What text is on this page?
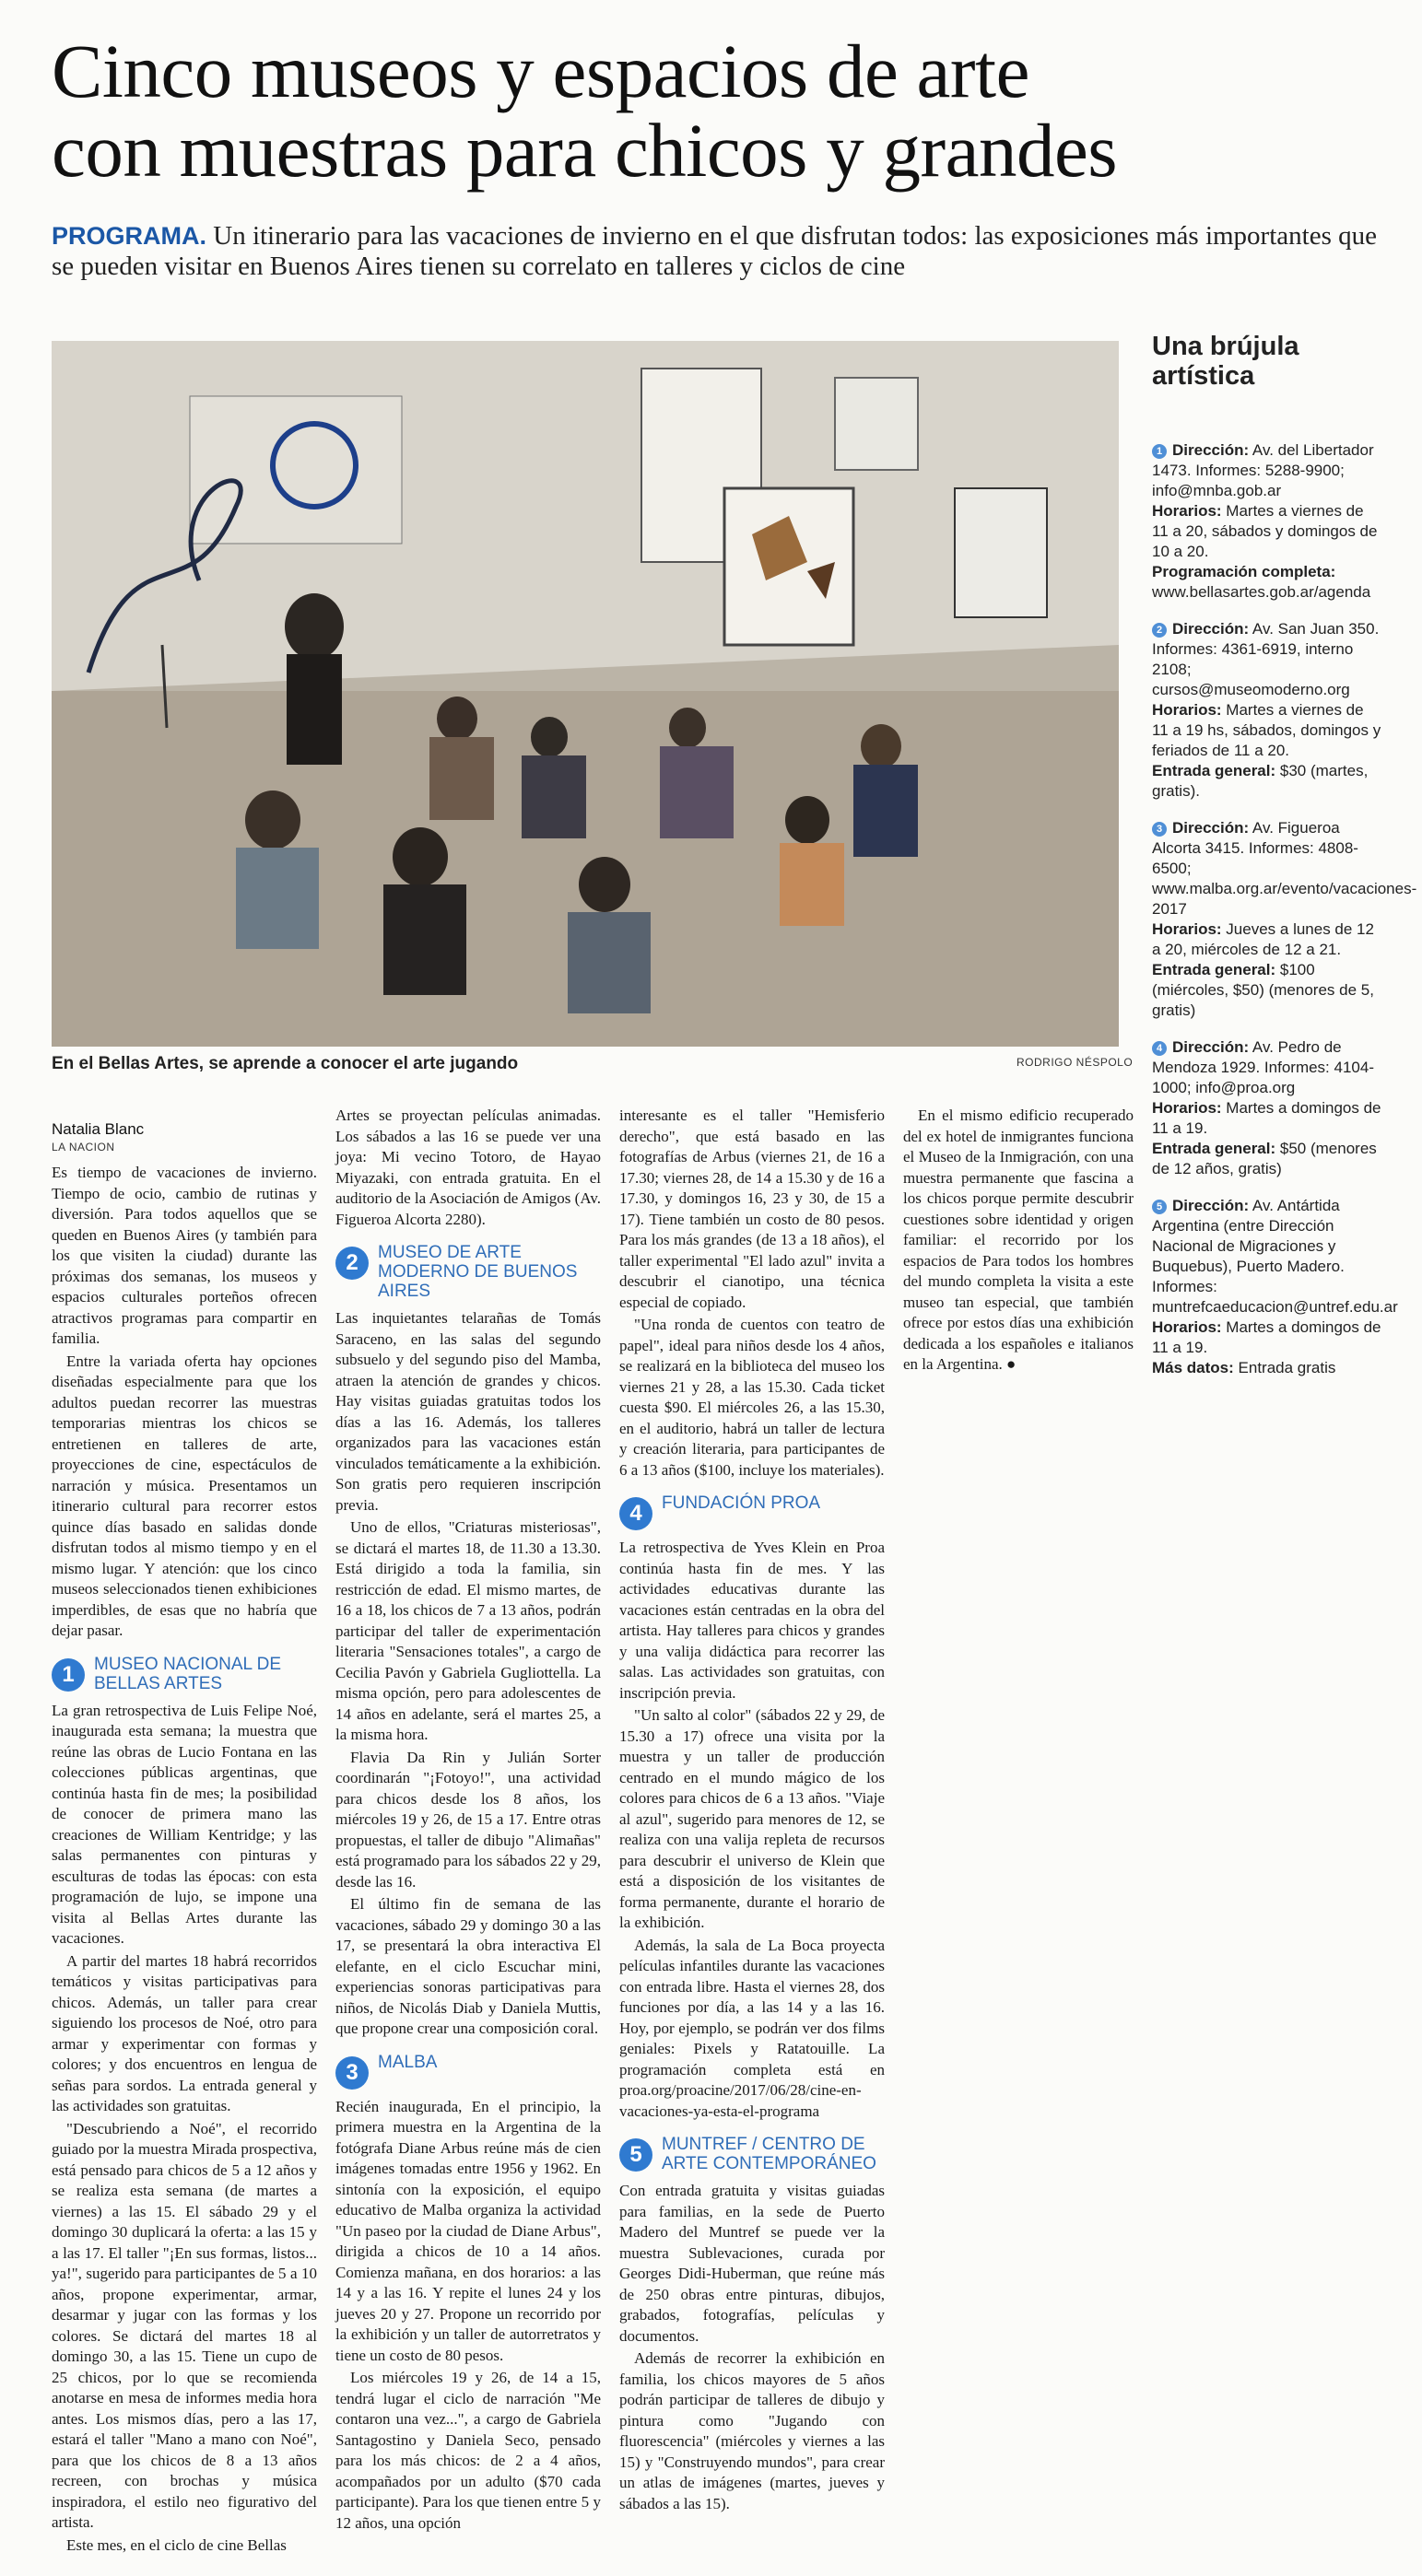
Cinco museos y espacios de arte
con muestras para chicos y grandes
PROGRAMA. Un itinerario para las vacaciones de invierno en el que disfrutan todos: las exposiciones más importantes que se pueden visitar en Buenos Aires tienen su correlato en talleres y ciclos de cine
En el Bellas Artes, se aprende a conocer el arte jugando	RODRIGO NÉSPOLO
Una brújula artística
1 Dirección: Av. del Libertador 1473. Informes: 5288-9900; info@mnba.gob.ar
Horarios: Martes a viernes de 11 a 20, sábados y domingos de 10 a 20.
Programación completa: www.bellasartes.gob.ar/agenda
2 Dirección: Av. San Juan 350. Informes: 4361-6919, interno 2108; cursos@museomoderno.org
Horarios: Martes a viernes de 11 a 19 hs, sábados, domingos y feriados de 11 a 20.
Entrada general: $30 (martes, gratis).
3 Dirección: Av. Figueroa Alcorta 3415. Informes: 4808-6500; www.malba.org.ar/evento/vacaciones-2017
Horarios: Jueves a lunes de 12 a 20, miércoles de 12 a 21.
Entrada general: $100 (miércoles, $50) (menores de 5, gratis)
4 Dirección: Av. Pedro de Mendoza 1929. Informes: 4104-1000; info@proa.org
Horarios: Martes a domingos de 11 a 19.
Entrada general: $50 (menores de 12 años, gratis)
5 Dirección: Av. Antártida Argentina (entre Dirección Nacional de Migraciones y Buquebus), Puerto Madero. Informes: muntrefcaeducacion@untref.edu.ar
Horarios: Martes a domingos de 11 a 19.
Más datos: Entrada gratis
Natalia Blanc
LA NACION

Es tiempo de vacaciones de invierno. Tiempo de ocio, cambio de rutinas y diversión. Para todos aquellos que se queden en Buenos Aires (y también para los que visiten la ciudad) durante las próximas dos semanas, los museos y espacios culturales porteños ofrecen atractivos programas para compartir en familia.

Entre la variada oferta hay opciones diseñadas especialmente para que los adultos puedan recorrer las muestras temporarias mientras los chicos se entretienen en talleres de arte, proyecciones de cine, espectáculos de narración y música. Presentamos un itinerario cultural para recorrer estos quince días basado en salidas donde disfrutan todos al mismo tiempo y en el mismo lugar. Y atención: que los cinco museos seleccionados tienen exhibiciones imperdibles, de esas que no habría que dejar pasar.

1	MUSEO NACIONAL DE BELLAS ARTES

La gran retrospectiva de Luis Felipe Noé, inaugurada esta semana; la muestra que reúne las obras de Lucio Fontana en las colecciones públicas argentinas, que continúa hasta fin de mes; la posibilidad de conocer de primera mano las creaciones de William Kentridge; y las salas permanentes con pinturas y esculturas de todas las épocas: con esta programación de lujo, se impone una visita al Bellas Artes durante las vacaciones.

A partir del martes 18 habrá recorridos temáticos y visitas participativas para chicos. Además, un taller para crear siguiendo los procesos de Noé, otro para armar y experimentar con formas y colores; y dos encuentros en lengua de señas para sordos. La entrada general y las actividades son gratuitas.

"Descubriendo a Noé", el recorrido guiado por la muestra Mirada prospectiva, está pensado para chicos de 5 a 12 años y se realiza esta semana (de martes a viernes) a las 15. El sábado 29 y el domingo 30 duplicará la oferta: a las 15 y a las 17. El taller "¡En sus formas, listos... ya!", sugerido para participantes de 5 a 10 años, propone experimentar, armar, desarmar y jugar con las formas y los colores. Se dictará del martes 18 al domingo 30, a las 15. Tiene un cupo de 25 chicos, por lo que se recomienda anotarse en mesa de informes media hora antes. Los mismos días, pero a las 17, estará el taller "Mano a mano con Noé", para que los chicos de 8 a 13 años recreen, con brochas y música inspiradora, el estilo neo figurativo del artista.

Este mes, en el ciclo de cine Bellas

Artes se proyectan películas animadas. Los sábados a las 16 se puede ver una joya: Mi vecino Totoro, de Hayao Miyazaki, con entrada gratuita. En el auditorio de la Asociación de Amigos (Av. Figueroa Alcorta 2280).

2	MUSEO DE ARTE MODERNO DE BUENOS AIRES

Las inquietantes telarañas de Tomás Saraceno, en las salas del segundo subsuelo y del segundo piso del Mamba, atraen la atención de grandes y chicos. Hay visitas guiadas gratuitas todos los días a las 16. Además, los talleres organizados para las vacaciones están vinculados temáticamente a la exhibición. Son gratis pero requieren inscripción previa.

Uno de ellos, "Criaturas misteriosas", se dictará el martes 18, de 11.30 a 13.30. Está dirigido a toda la familia, sin restricción de edad. El mismo martes, de 16 a 18, los chicos de 7 a 13 años, podrán participar del taller de experimentación literaria "Sensaciones totales", a cargo de Cecilia Pavón y Gabriela Gugliottella. La misma opción, pero para adolescentes de 14 años en adelante, será el martes 25, a la misma hora.

Flavia Da Rin y Julián Sorter coordinarán "¡Fotoyo!", una actividad para chicos desde los 8 años, los miércoles 19 y 26, de 15 a 17. Entre otras propuestas, el taller de dibujo "Alimañas" está programado para los sábados 22 y 29, desde las 16.

El último fin de semana de las vacaciones, sábado 29 y domingo 30 a las 17, se presentará la obra interactiva El elefante, en el ciclo Escuchar mini, experiencias sonoras participativas para niños, de Nicolás Diab y Daniela Muttis, que propone crear una composición coral.

3	MALBA

Recién inaugurada, En el principio, la primera muestra en la Argentina de la fotógrafa Diane Arbus reúne más de cien imágenes tomadas entre 1956 y 1962. En sintonía con la exposición, el equipo educativo de Malba organiza la actividad "Un paseo por la ciudad de Diane Arbus", dirigida a chicos de 10 a 14 años. Comienza mañana, en dos horarios: a las 14 y a las 16. Y repite el lunes 24 y los jueves 20 y 27. Propone un recorrido por la exhibición y un taller de autorretratos y tiene un costo de 80 pesos.

Los miércoles 19 y 26, de 14 a 15, tendrá lugar el ciclo de narración "Me contaron una vez...", a cargo de Gabriela Santagostino y Daniela Seco, pensado para los más chicos: de 2 a 4 años, acompañados por un adulto ($70 cada participante). Para los que tienen entre 5 y 12 años, una opción

interesante es el taller "Hemisferio derecho", que está basado en las fotografías de Arbus (viernes 21, de 16 a 17.30; viernes 28, de 14 a 15.30 y de 16 a 17.30, y domingos 16, 23 y 30, de 15 a 17). Tiene también un costo de 80 pesos. Para los más grandes (de 13 a 18 años), el taller experimental "El lado azul" invita a descubrir el cianotipo, una técnica especial de copiado.

"Una ronda de cuentos con teatro de papel", ideal para niños desde los 4 años, se realizará en la biblioteca del museo los viernes 21 y 28, a las 15.30. Cada ticket cuesta $90. El miércoles 26, a las 15.30, en el auditorio, habrá un taller de lectura y creación literaria, para participantes de 6 a 13 años ($100, incluye los materiales).

4	FUNDACIÓN PROA

La retrospectiva de Yves Klein en Proa continúa hasta fin de mes. Y las actividades educativas durante las vacaciones están centradas en la obra del artista. Hay talleres para chicos y grandes y una valija didáctica para recorrer las salas. Las actividades son gratuitas, con inscripción previa.

"Un salto al color" (sábados 22 y 29, de 15.30 a 17) ofrece una visita por la muestra y un taller de producción centrado en el mundo mágico de los colores para chicos de 6 a 13 años. "Viaje al azul", sugerido para menores de 12, se realiza con una valija repleta de recursos para descubrir el universo de Klein que está a disposición de los visitantes de forma permanente, durante el horario de la exhibición.

Además, la sala de La Boca proyecta películas infantiles durante las vacaciones con entrada libre. Hasta el viernes 28, dos funciones por día, a las 14 y a las 16. Hoy, por ejemplo, se podrán ver dos films geniales: Pixels y Ratatouille. La programación completa está en proa.org/proacine/2017/06/28/cine-en-vacaciones-ya-esta-el-programa

5	MUNTREF / CENTRO DE ARTE CONTEMPORÁNEO

Con entrada gratuita y visitas guiadas para familias, en la sede de Puerto Madero del Muntref se puede ver la muestra Sublevaciones, curada por Georges Didi-Huberman, que reúne más de 250 obras entre pinturas, dibujos, grabados, fotografías, películas y documentos.

Además de recorrer la exhibición en familia, los chicos mayores de 5 años podrán participar de talleres de dibujo y pintura como "Jugando con fluorescencia" (miércoles y viernes a las 15) y "Construyendo mundos", para crear un atlas de imágenes (martes, jueves y sábados a las 15).

En el mismo edificio recuperado del ex hotel de inmigrantes funciona el Museo de la Inmigración, con una muestra permanente que fascina a los chicos porque permite descubrir cuestiones sobre identidad y origen familiar: el recorrido por los espacios de Para todos los hombres del mundo completa la visita a este museo tan especial, que también ofrece por estos días una exhibición dedicada a los españoles e italianos en la Argentina. ●
